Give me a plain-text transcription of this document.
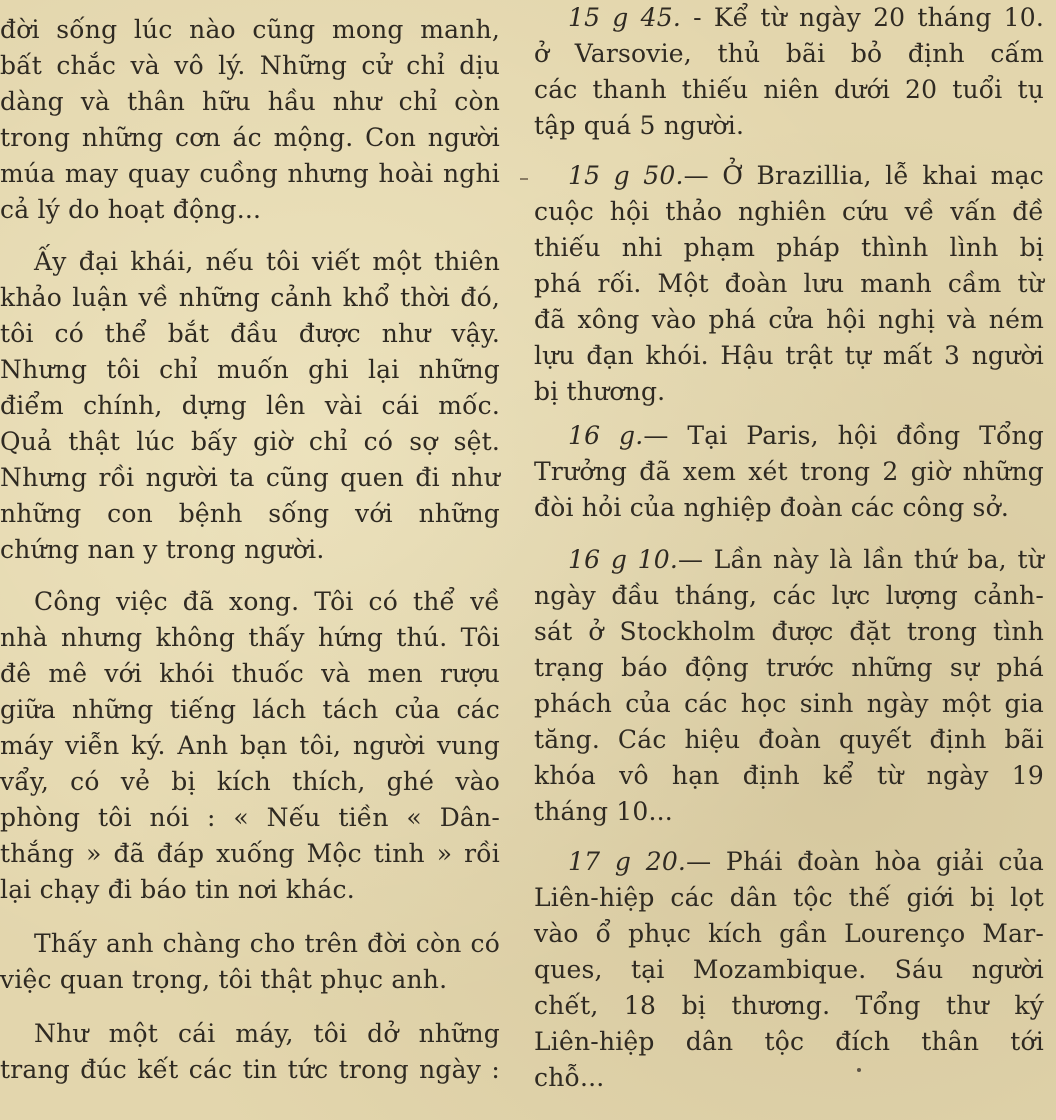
đời sống lúc nào cũng mong manh,
bất chắc và vô lý. Những cử chỉ dịu
dàng và thân hữu hầu như chỉ còn
trong những cơn ác mộng. Con người
múa may quay cuồng nhưng hoài nghi
cả lý do hoạt động...
Ấy đại khái, nếu tôi viết một thiên
khảo luận về những cảnh khổ thời đó,
tôi có thể bắt đầu được như vậy.
Nhưng tôi chỉ muốn ghi lại những
điểm chính, dựng lên vài cái mốc.
Quả thật lúc bấy giờ chỉ có sợ sệt.
Nhưng rồi người ta cũng quen đi như
những con bệnh sống với những
chứng nan y trong người.
Công việc đã xong. Tôi có thể về
nhà nhưng không thấy hứng thú. Tôi
đê mê với khói thuốc và men rượu
giữa những tiếng lách tách của các
máy viễn ký. Anh bạn tôi, người vung
vẩy, có vẻ bị kích thích, ghé vào
phòng tôi nói : « Nếu tiền « Dân-
thắng » đã đáp xuống Mộc tinh » rồi
lại chạy đi báo tin nơi khác.
Thấy anh chàng cho trên đời còn có
việc quan trọng, tôi thật phục anh.
Như một cái máy, tôi dở những
trang đúc kết các tin tức trong ngày :
15 g 45. - Kể từ ngày 20 tháng 10.
ở Varsovie, thủ bãi bỏ định cấm
các thanh thiếu niên dưới 20 tuổi tụ
tập quá 5 người.
15 g 50.— Ở Brazillia, lễ khai mạc
cuộc hội thảo nghiên cứu về vấn đề
thiếu nhi phạm pháp thình lình bị
phá rối. Một đoàn lưu manh cầm từ
đã xông vào phá cửa hội nghị và ném
lựu đạn khói. Hậu trật tự mất 3 người
bị thương.
16 g.— Tại Paris, hội đồng Tổng
Trưởng đã xem xét trong 2 giờ những
đòi hỏi của nghiệp đoàn các công sở.
16 g 10.— Lần này là lần thứ ba, từ
ngày đầu tháng, các lực lượng cảnh-
sát ở Stockholm được đặt trong tình
trạng báo động trước những sự phá
phách của các học sinh ngày một gia
tăng. Các hiệu đoàn quyết định bãi
khóa vô hạn định kể từ ngày 19
tháng 10...
17 g 20.— Phái đoàn hòa giải của
Liên-hiệp các dân tộc thế giới bị lọt
vào ổ phục kích gần Lourenço Mar-
ques, tại Mozambique. Sáu người
chết, 18 bị thương. Tổng thư ký
Liên-hiệp dân tộc đích thân tới
chỗ...
